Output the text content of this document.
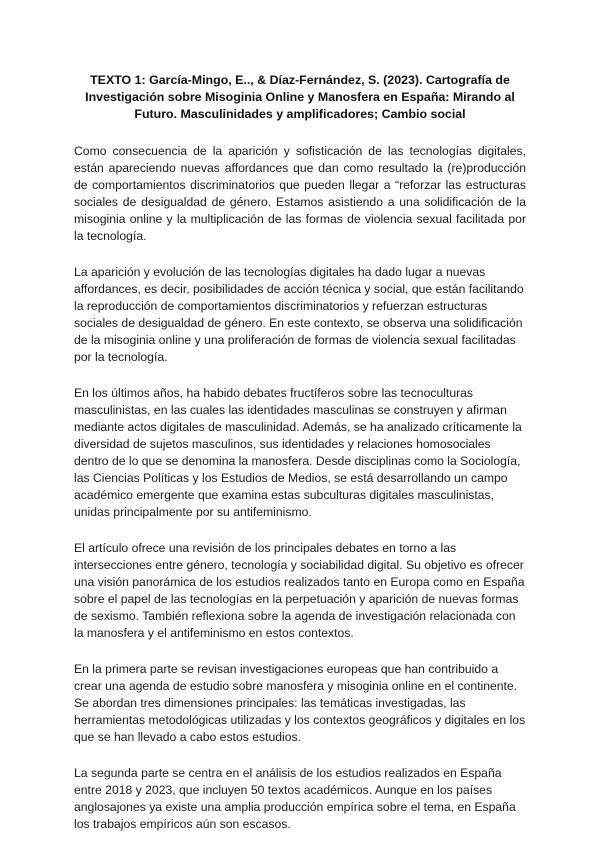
TEXTO 1: García-Mingo, E.., & Díaz-Fernández, S. (2023). Cartografía de Investigación sobre Misoginia Online y Manosfera en España: Mirando al Futuro. Masculinidades y amplificadores; Cambio social

Como consecuencia de la aparición y sofisticación de las tecnologías digitales, están apareciendo nuevas affordances que dan como resultado la (re)producción de comportamientos discriminatorios que pueden llegar a “reforzar las estructuras sociales de desigualdad de género. Estamos asistiendo a una solidificación de la misoginia online y la multiplicación de las formas de violencia sexual facilitada por la tecnología.

La aparición y evolución de las tecnologías digitales ha dado lugar a nuevas affordances, es decir, posibilidades de acción técnica y social, que están facilitando la reproducción de comportamientos discriminatorios y refuerzan estructuras sociales de desigualdad de género. En este contexto, se observa una solidificación de la misoginia online y una proliferación de formas de violencia sexual facilitadas por la tecnología.

En los últimos años, ha habido debates fructíferos sobre las tecnoculturas masculinistas, en las cuales las identidades masculinas se construyen y afirman mediante actos digitales de masculinidad. Además, se ha analizado críticamente la diversidad de sujetos masculinos, sus identidades y relaciones homosociales dentro de lo que se denomina la manosfera. Desde disciplinas como la Sociología, las Ciencias Políticas y los Estudios de Medios, se está desarrollando un campo académico emergente que examina estas subculturas digitales masculinistas, unidas principalmente por su antifeminismo.

El artículo ofrece una revisión de los principales debates en torno a las intersecciones entre género, tecnología y sociabilidad digital. Su objetivo es ofrecer una visión panorámica de los estudios realizados tanto en Europa como en España sobre el papel de las tecnologías en la perpetuación y aparición de nuevas formas de sexismo. También reflexiona sobre la agenda de investigación relacionada con la manosfera y el antifeminismo en estos contextos.

En la primera parte se revisan investigaciones europeas que han contribuido a crear una agenda de estudio sobre manosfera y misoginia online en el continente. Se abordan tres dimensiones principales: las temáticas investigadas, las herramientas metodológicas utilizadas y los contextos geográficos y digitales en los que se han llevado a cabo estos estudios.

La segunda parte se centra en el análisis de los estudios realizados en España entre 2018 y 2023, que incluyen 50 textos académicos. Aunque en los países anglosajones ya existe una amplia producción empírica sobre el tema, en España los trabajos empíricos aún son escasos.
